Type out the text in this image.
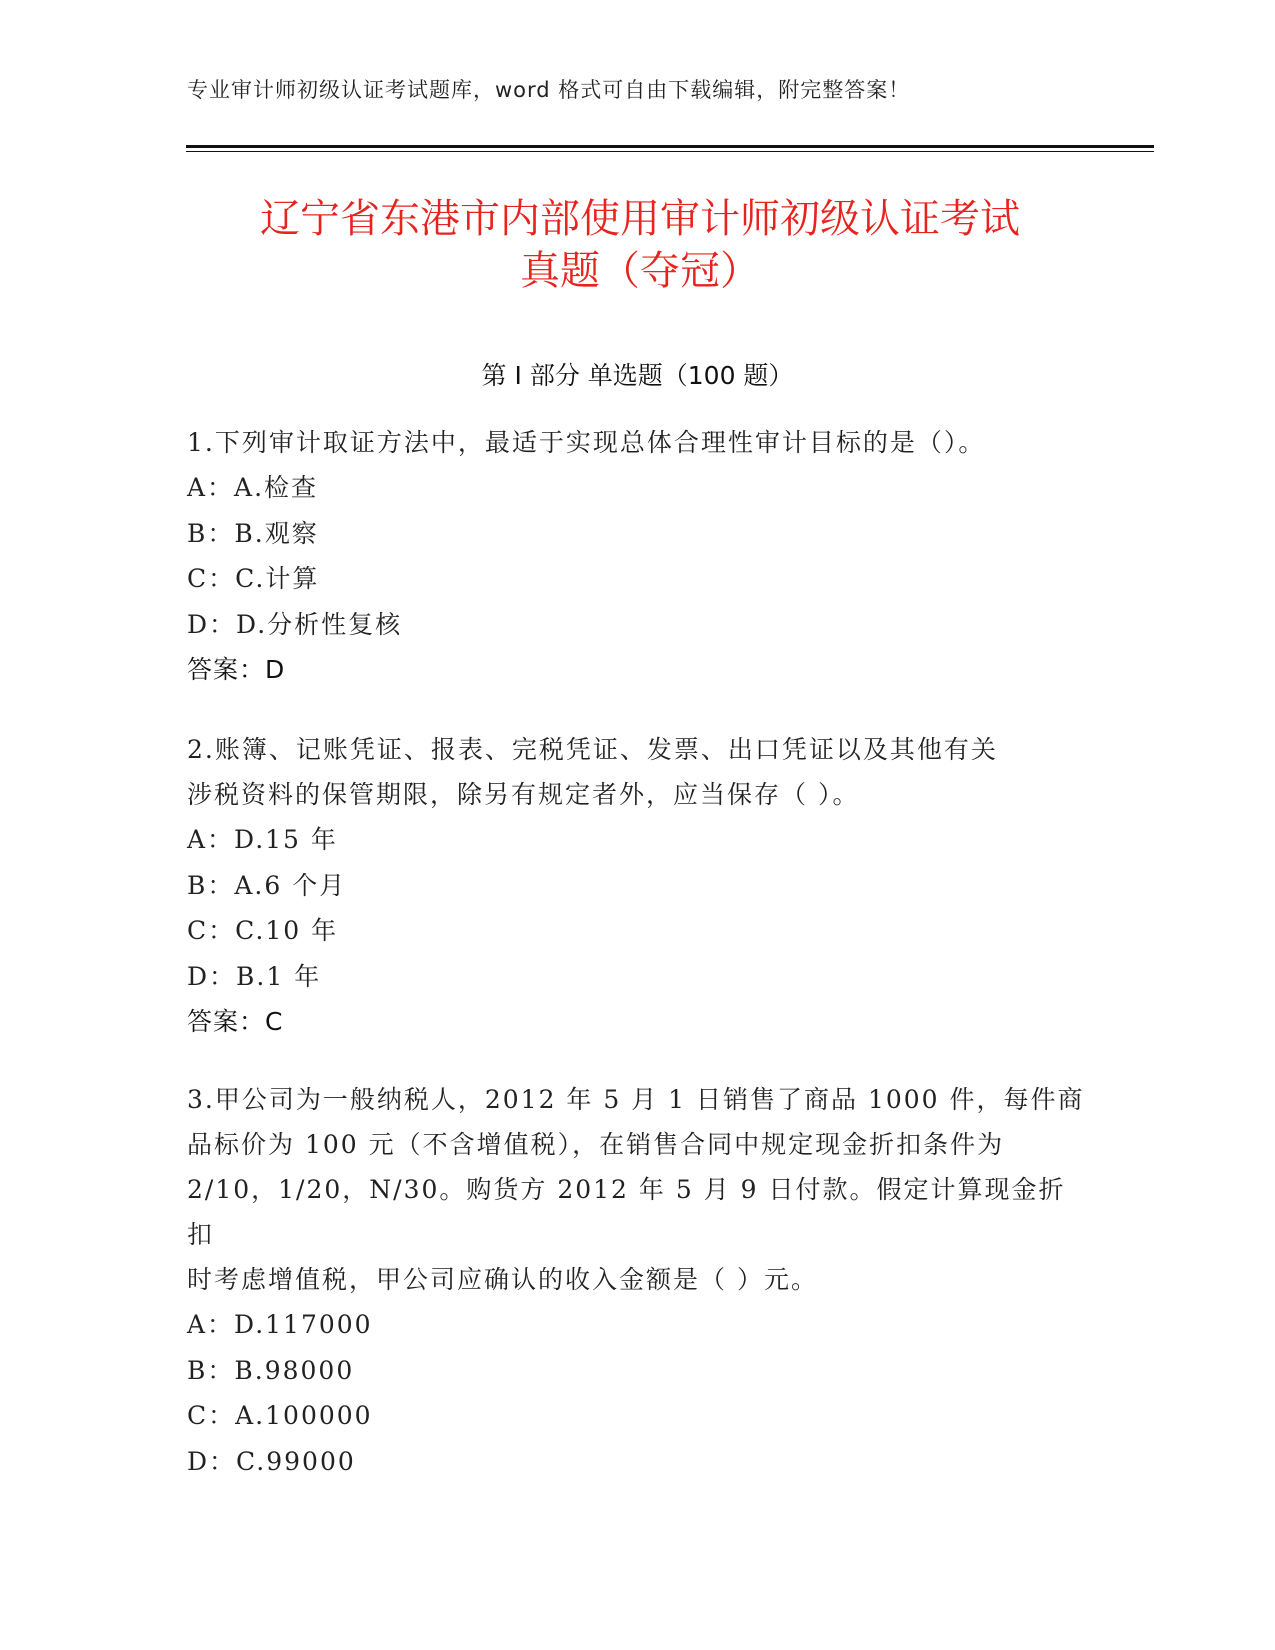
专业审计师初级认证考试题库，word 格式可自由下载编辑，附完整答案！
辽宁省东港市内部使用审计师初级认证考试
真题（夺冠）
第 I 部分 单选题（100 题）
1.下列审计取证方法中，最适于实现总体合理性审计目标的是（）。
A：A.检查
B：B.观察
C：C.计算
D：D.分析性复核
答案：D
2.账簿、记账凭证、报表、完税凭证、发票、出口凭证以及其他有关
涉税资料的保管期限，除另有规定者外，应当保存（ ）。
A：D.15 年
B：A.6 个月
C：C.10 年
D：B.1 年
答案：C
3.甲公司为一般纳税人，2012 年 5 月 1 日销售了商品 1000 件，每件商
品标价为 100 元（不含增值税），在销售合同中规定现金折扣条件为
2/10，1/20，N/30。购货方 2012 年 5 月 9 日付款。假定计算现金折扣
时考虑增值税，甲公司应确认的收入金额是（ ）元。
A：D.117000
B：B.98000
C：A.100000
D：C.99000
